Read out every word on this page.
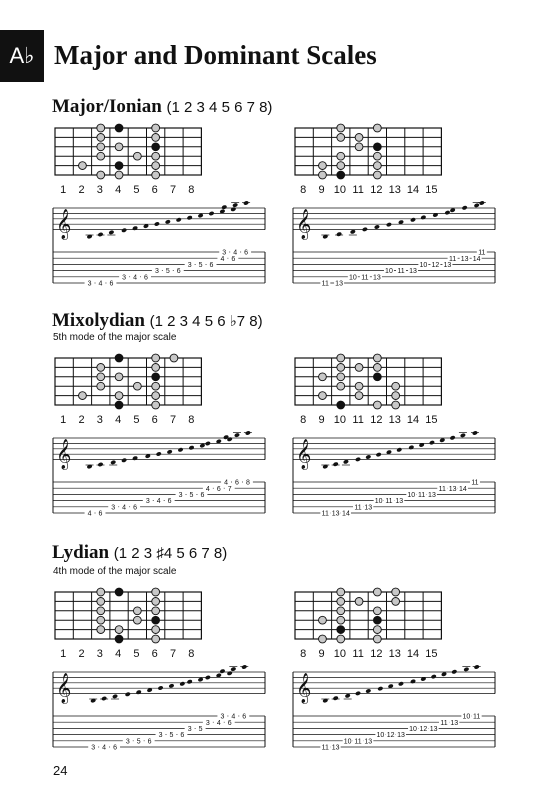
A♭ Major and Dominant Scales
Major/Ionian (1 2 3 4 5 6 7 8)
1 2 3 4 5 6 7 8	8 9 10 11 12 13 14 15
𝄞
3 4 6
3 4 6
3 5 6
3 5 6
4 6
3 4 6
𝄞
11 13
10 11 13
10 11 13
10 12 13
11 13 14
11
Mixolydian (1 2 3 4 5 6 ♭7 8)
5th mode of the major scale
1 2 3 4 5 6 7 8	8 9 10 11 12 13 14 15
𝄞
4 6
3 4 6
3 4 6
3 5 6
4 6 7
4 6 8
𝄞
11 13 14
11 13
10 11 13
10 11 13
11 13 14
11
Lydian (1 2 3 ♯4 5 6 7 8)
4th mode of the major scale
1 2 3 4 5 6 7 8	8 9 10 11 12 13 14 15
𝄞
3 4 6
3 5 6
3 5 6
3 5
3 4 6
3 4 6
𝄞
11 13
10 11 13
10 12 13
10 12 13
11 13
10 11
24
